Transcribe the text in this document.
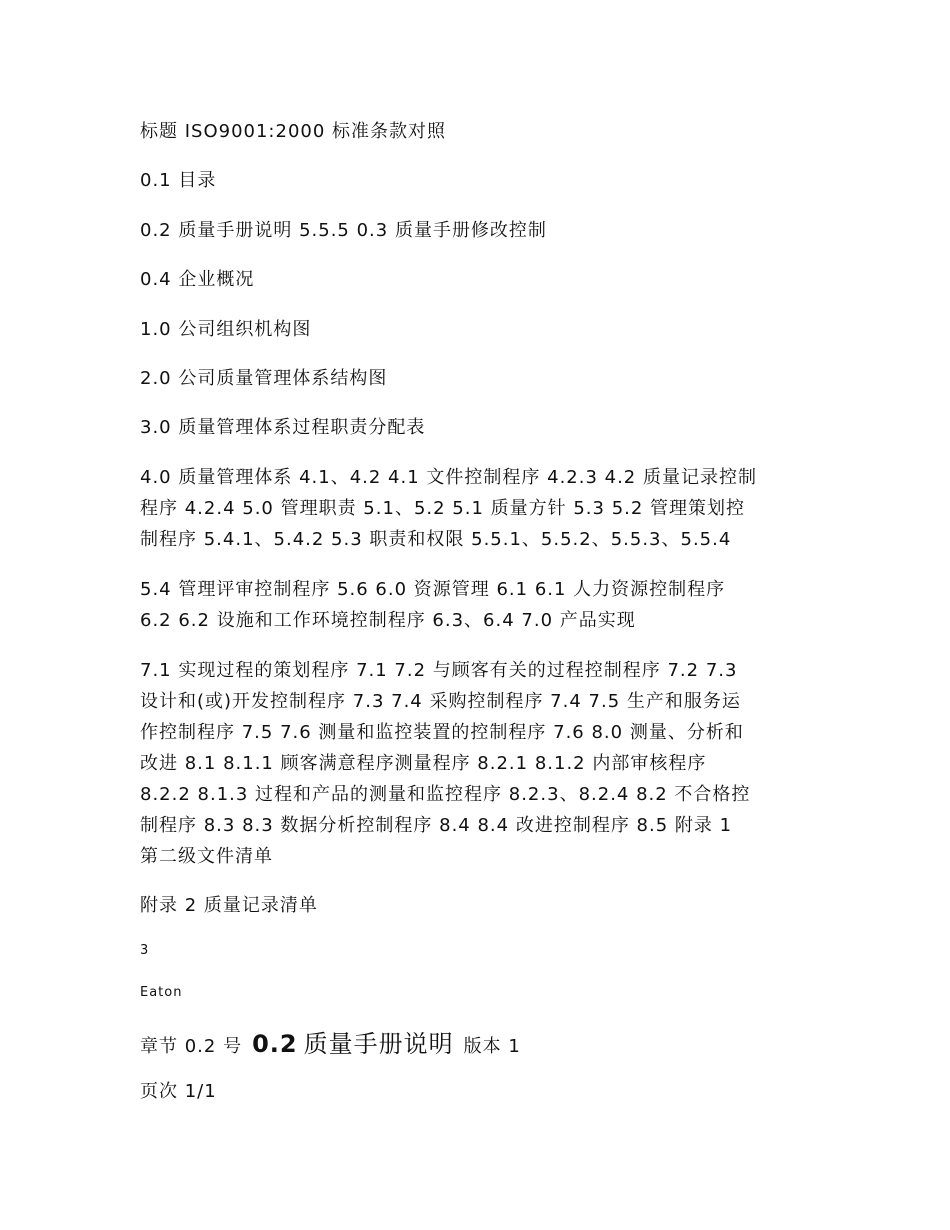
标题 ISO9001:2000 标准条款对照
0.1 目录
0.2 质量手册说明 5.5.5 0.3 质量手册修改控制
0.4 企业概况
1.0 公司组织机构图
2.0 公司质量管理体系结构图
3.0 质量管理体系过程职责分配表
4.0 质量管理体系 4.1、4.2 4.1 文件控制程序 4.2.3 4.2 质量记录控制
程序 4.2.4 5.0 管理职责 5.1、5.2 5.1 质量方针 5.3 5.2 管理策划控
制程序 5.4.1、5.4.2 5.3 职责和权限 5.5.1、5.5.2、5.5.3、5.5.4
5.4 管理评审控制程序 5.6 6.0 资源管理 6.1 6.1 人力资源控制程序
6.2 6.2 设施和工作环境控制程序 6.3、6.4 7.0 产品实现
7.1 实现过程的策划程序 7.1 7.2 与顾客有关的过程控制程序 7.2 7.3
设计和(或)开发控制程序 7.3 7.4 采购控制程序 7.4 7.5 生产和服务运
作控制程序 7.5 7.6 测量和监控装置的控制程序 7.6 8.0 测量、分析和
改进 8.1 8.1.1 顾客满意程序测量程序 8.2.1 8.1.2 内部审核程序
8.2.2 8.1.3 过程和产品的测量和监控程序 8.2.3、8.2.4 8.2 不合格控
制程序 8.3 8.3 数据分析控制程序 8.4 8.4 改进控制程序 8.5 附录 1
第二级文件清单
附录 2 质量记录清单
3
Eaton
章节 0.2 号 0.2 质量手册说明 版本 1
页次 1/1
